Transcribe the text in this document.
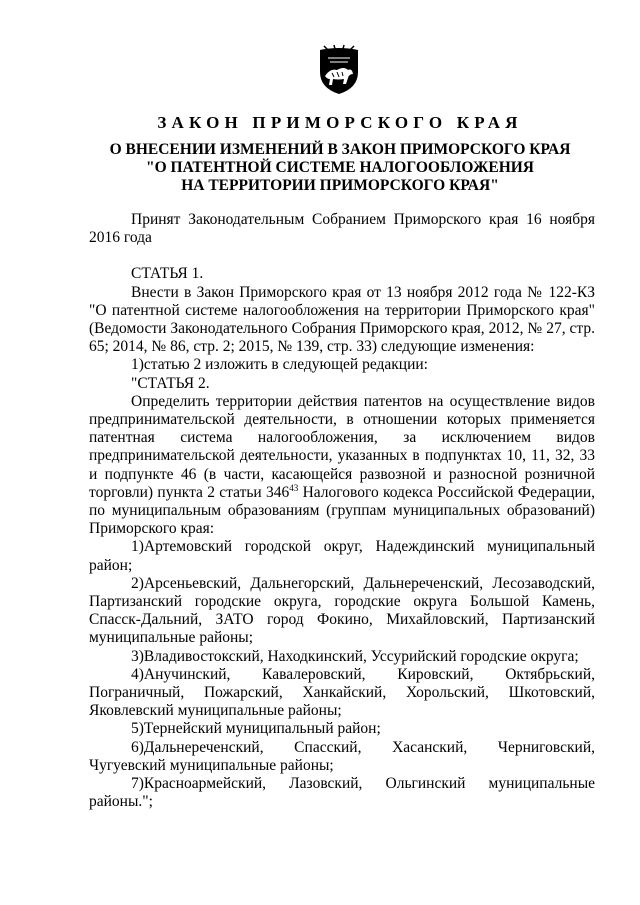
ЗАКОН ПРИМОРСКОГО КРАЯ
О ВНЕСЕНИИ ИЗМЕНЕНИЙ В ЗАКОН ПРИМОРСКОГО КРАЯ
"О ПАТЕНТНОЙ СИСТЕМЕ НАЛОГООБЛОЖЕНИЯ
НА ТЕРРИТОРИИ ПРИМОРСКОГО КРАЯ"

Принят Законодательным Собранием Приморского края 16 ноября 2016 года

СТАТЬЯ 1.

Внести в Закон Приморского края от 13 ноября 2012 года № 122-КЗ "О патентной системе налогообложения на территории Приморского края" (Ведомости Законодательного Собрания Приморского края, 2012, № 27, стр. 65; 2014, № 86, стр. 2; 2015, № 139, стр. 33) следующие изменения:

1)статью 2 изложить в следующей редакции:

"СТАТЬЯ 2.

Определить территории действия патентов на осуществление видов предпринимательской деятельности, в отношении которых применяется патентная система налогообложения, за исключением видов предпринимательской деятельности, указанных в подпунктах 10, 11, 32, 33 и подпункте 46 (в части, касающейся развозной и разносной розничной торговли) пункта 2 статьи $346^{43}$ Налогового кодекса Российской Федерации, по муниципальным образованиям (группам муниципальных образований) Приморского края:

1)Артемовский городской округ, Надеждинский муниципальный район;

2)Арсеньевский, Дальнегорский, Дальнереченский, Лесозаводский, Партизанский городские округа, городские округа Большой Камень, Спасск-Дальний, ЗАТО город Фокино, Михайловский, Партизанский муниципальные районы;

3)Владивостокский, Находкинский, Уссурийский городские округа;

4)Анучинский, Кавалеровский, Кировский, Октябрьский, Пограничный, Пожарский, Ханкайский, Хорольский, Шкотовский, Яковлевский муниципальные районы;

5)Тернейский муниципальный район;

6)Дальнереченский, Спасский, Хасанский, Черниговский, Чугуевский муниципальные районы;

7)Красноармейский, Лазовский, Ольгинский муниципальные районы.";
